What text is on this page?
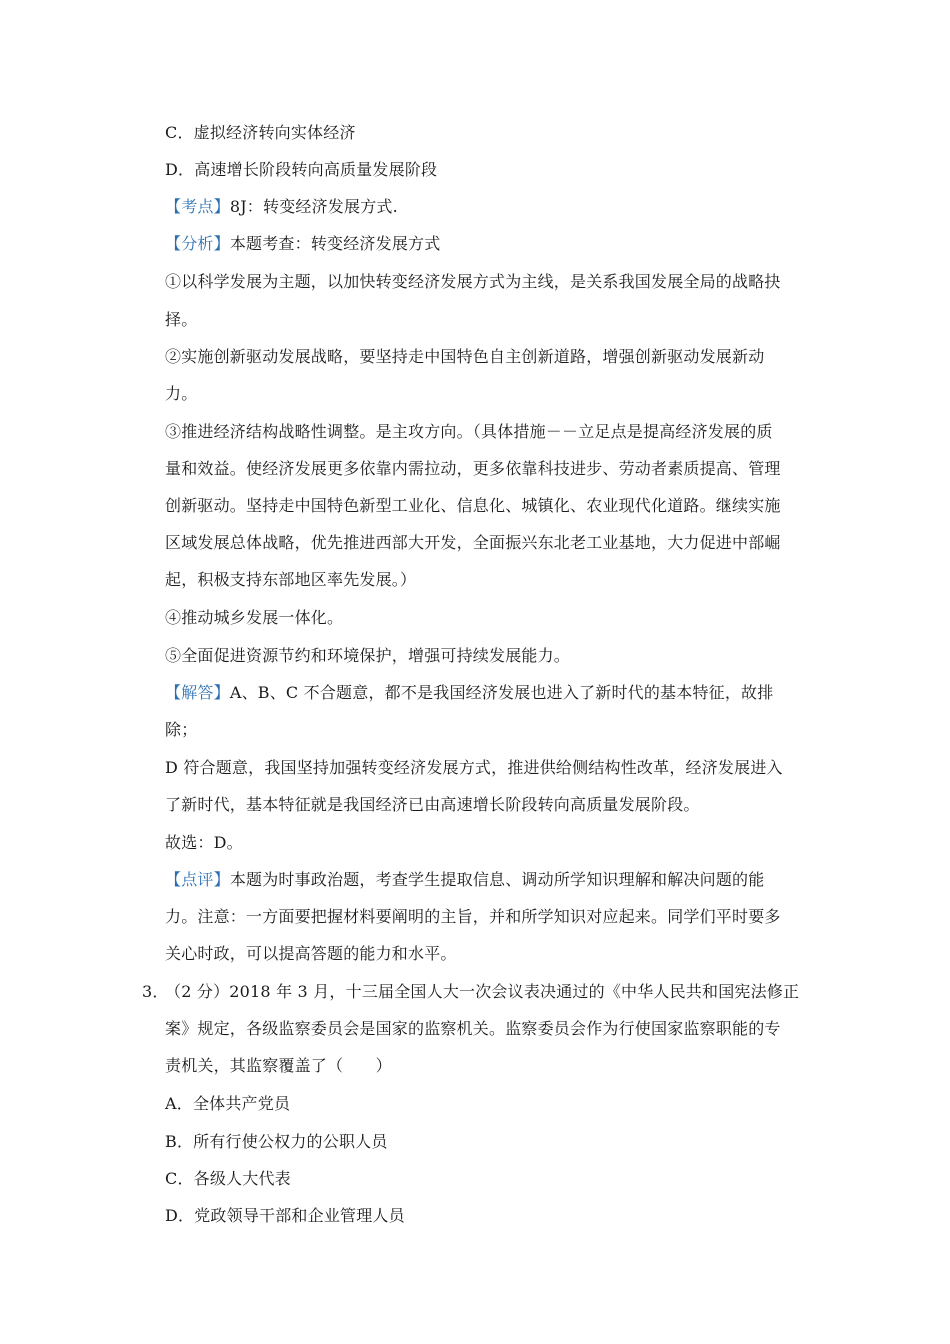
C．虚拟经济转向实体经济
D．高速增长阶段转向高质量发展阶段
【考点】8J：转变经济发展方式.
【分析】本题考查：转变经济发展方式
①以科学发展为主题，以加快转变经济发展方式为主线，是关系我国发展全局的战略抉
择。
②实施创新驱动发展战略，要坚持走中国特色自主创新道路，增强创新驱动发展新动
力。
③推进经济结构战略性调整。是主攻方向。（具体措施－－立足点是提高经济发展的质
量和效益。使经济发展更多依靠内需拉动，更多依靠科技进步、劳动者素质提高、管理
创新驱动。坚持走中国特色新型工业化、信息化、城镇化、农业现代化道路。继续实施
区域发展总体战略，优先推进西部大开发，全面振兴东北老工业基地，大力促进中部崛
起，积极支持东部地区率先发展。）
④推动城乡发展一体化。
⑤全面促进资源节约和环境保护，增强可持续发展能力。
【解答】A、B、C 不合题意，都不是我国经济发展也进入了新时代的基本特征，故排
除；
D 符合题意，我国坚持加强转变经济发展方式，推进供给侧结构性改革，经济发展进入
了新时代，基本特征就是我国经济已由高速增长阶段转向高质量发展阶段。
故选：D。
【点评】本题为时事政治题，考查学生提取信息、调动所学知识理解和解决问题的能
力。注意：一方面要把握材料要阐明的主旨，并和所学知识对应起来。同学们平时要多
关心时政，可以提高答题的能力和水平。
3．
（2 分）2018 年 3 月，十三届全国人大一次会议表决通过的《中华人民共和国宪法修正
案》规定，各级监察委员会是国家的监察机关。监察委员会作为行使国家监察职能的专
责机关，其监察覆盖了（　　）
A．全体共产党员
B．所有行使公权力的公职人员
C．各级人大代表
D．党政领导干部和企业管理人员
